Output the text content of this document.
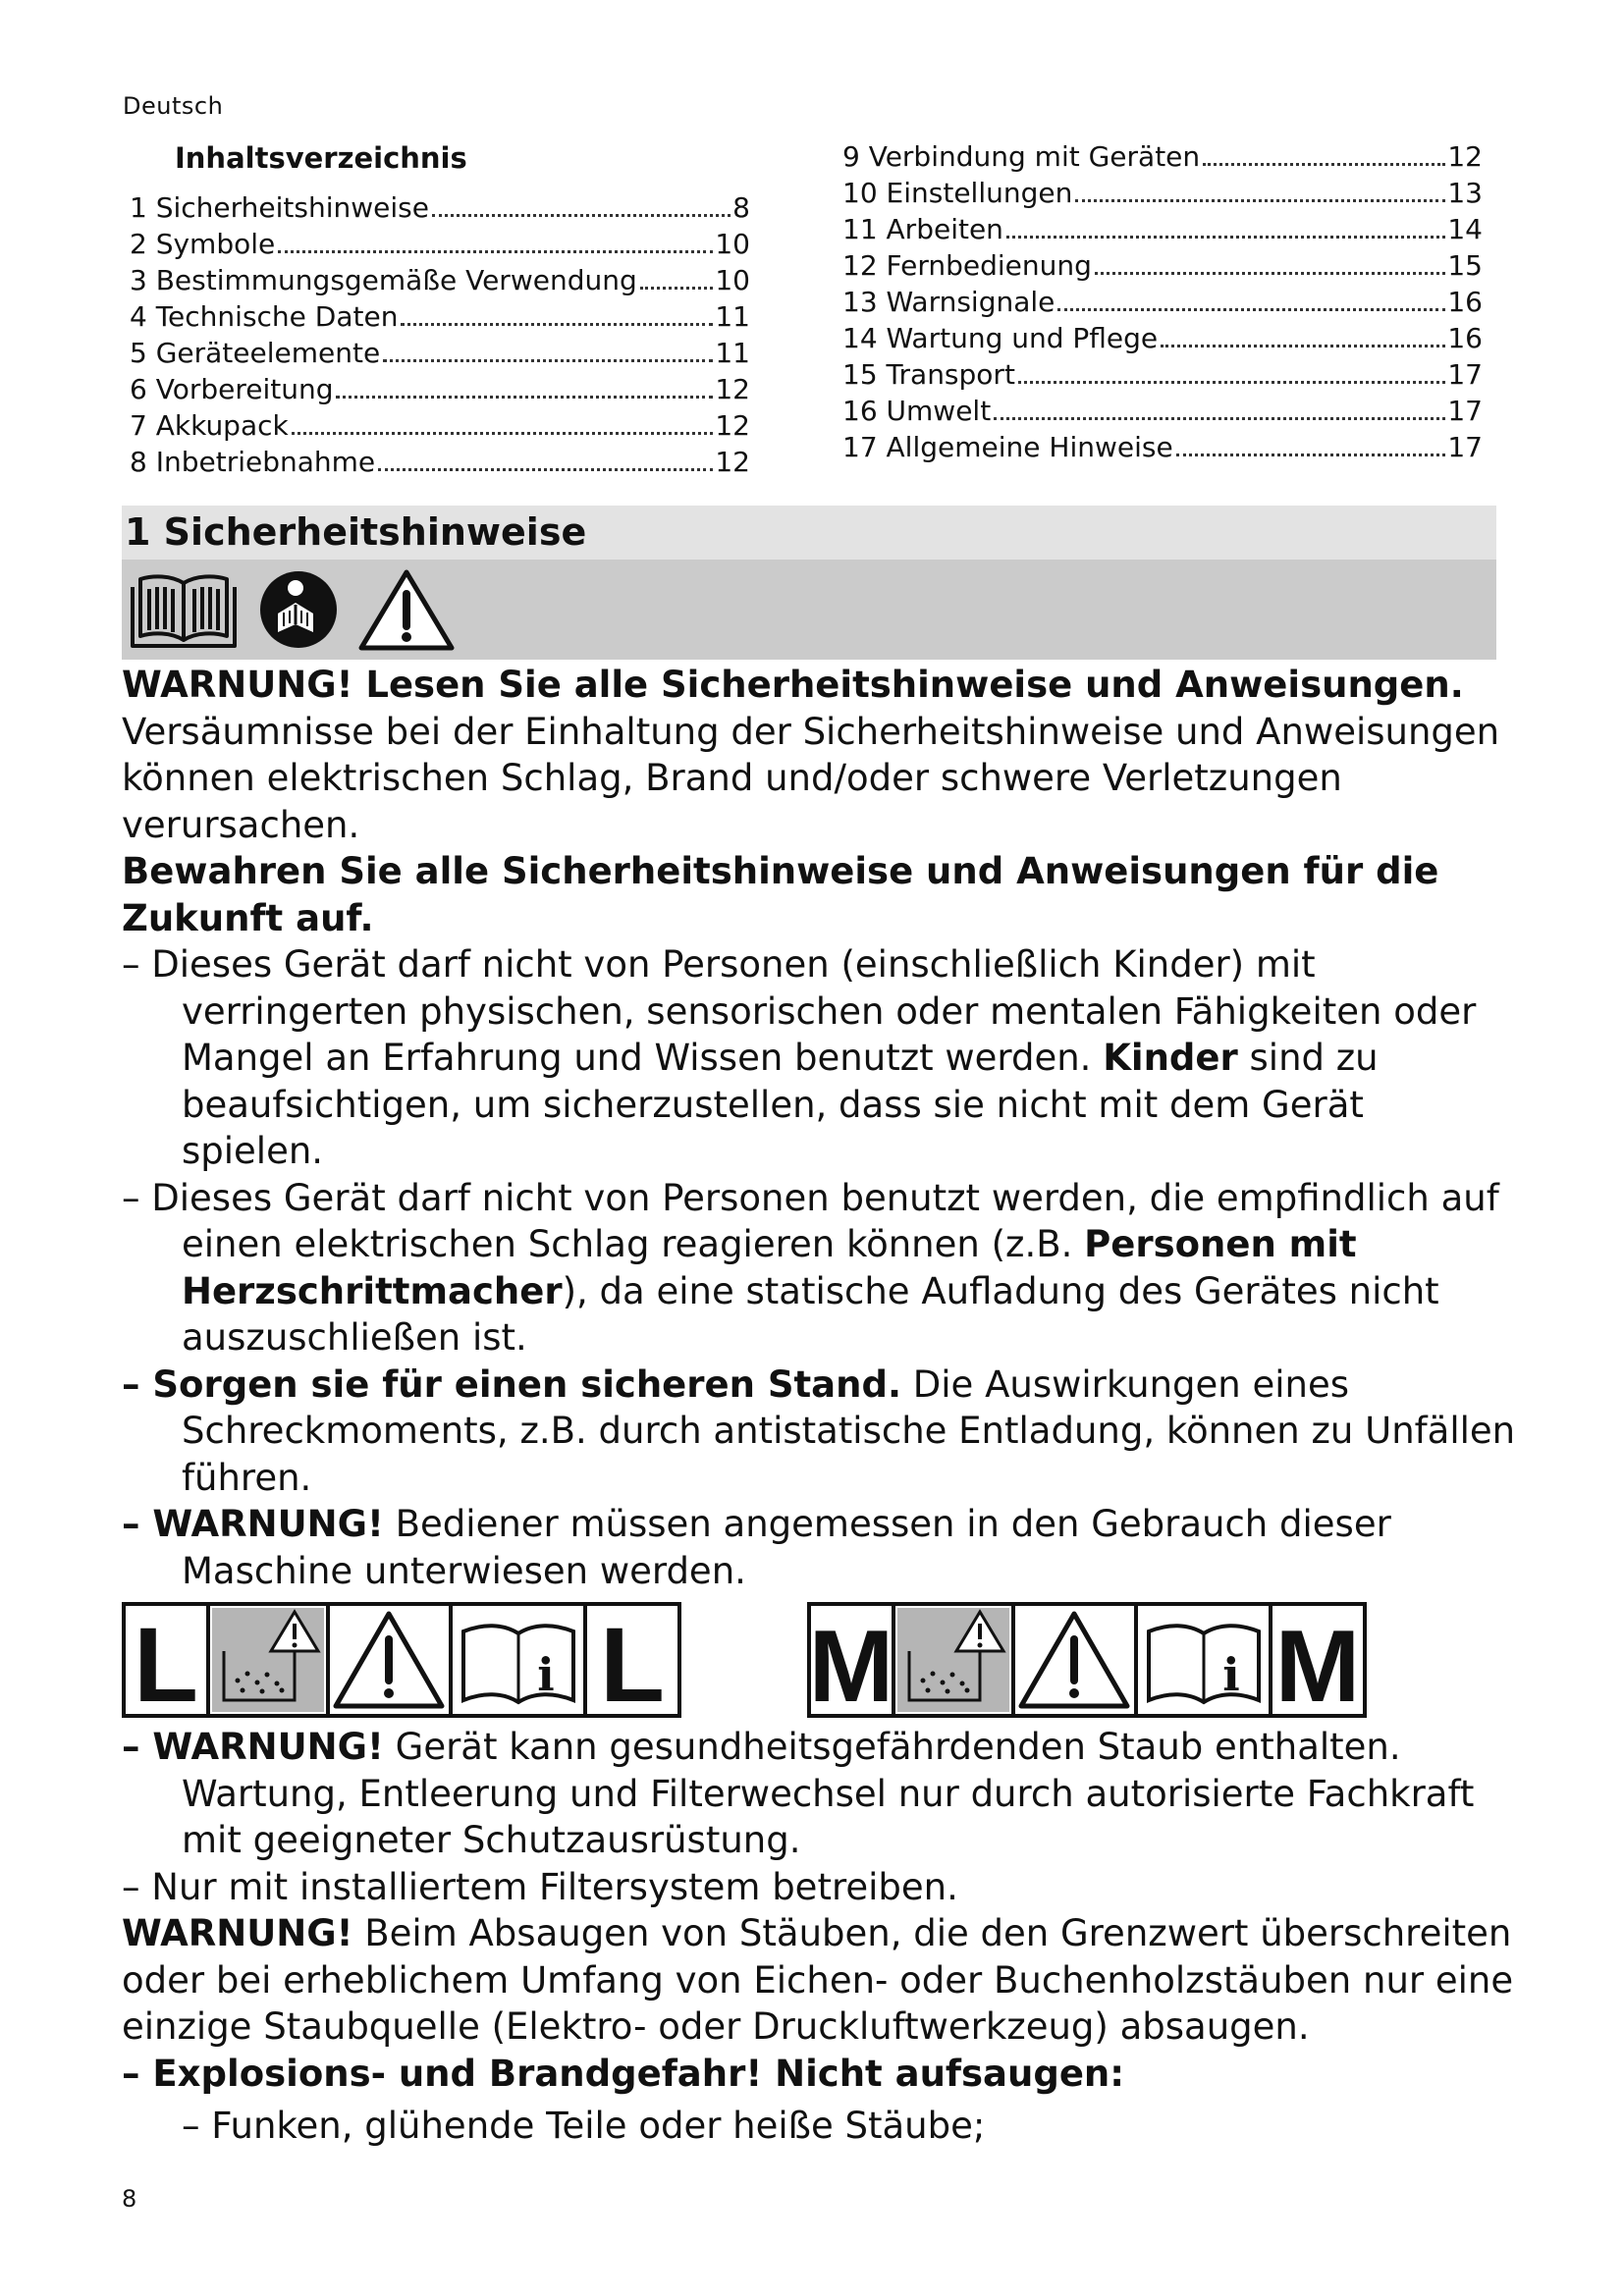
Deutsch
Inhaltsverzeichnis
1 Sicherheitshinweise	8
2 Symbole	10
3 Bestimmungsgemäße Verwendung	10
4 Technische Daten	11
5 Geräteelemente	11
6 Vorbereitung	12
7 Akkupack	12
8 Inbetriebnahme	12
9 Verbindung mit Geräten	12
10 Einstellungen	13
11 Arbeiten	14
12 Fernbedienung	15
13 Warnsignale	16
14 Wartung und Pflege	16
15 Transport	17
16 Umwelt	17
17 Allgemeine Hinweise	17
1 Sicherheitshinweise

WARNUNG! Lesen Sie alle Sicherheitshinweise und Anweisungen. Versäumnisse bei der Einhaltung der Sicherheitshinweise und Anweisungen können elektrischen Schlag, Brand und/oder schwere Verletzungen verursachen.

Bewahren Sie alle Sicherheitshinweise und Anweisungen für die Zukunft auf.

– Dieses Gerät darf nicht von Personen (einschließlich Kinder) mit verringerten physischen, sensorischen oder mentalen Fähigkeiten oder Mangel an Erfahrung und Wissen benutzt werden. Kinder sind zu beaufsichtigen, um sicherzustellen, dass sie nicht mit dem Gerät spielen.

– Dieses Gerät darf nicht von Personen benutzt werden, die empfindlich auf einen elektrischen Schlag reagieren können (z.B. Personen mit Herzschrittmacher), da eine statische Aufladung des Gerätes nicht auszuschließen ist.

– Sorgen sie für einen sicheren Stand. Die Auswirkungen eines Schreckmoments, z.B. durch antistatische Entladung, können zu Unfällen führen.

– WARNUNG! Bediener müssen angemessen in den Gebrauch dieser Maschine unterwiesen werden.

L	i L M	i M

– WARNUNG! Gerät kann gesundheitsgefährdenden Staub enthalten. Wartung, Entleerung und Filterwechsel nur durch autorisierte Fachkraft mit geeigneter Schutzausrüstung.

– Nur mit installiertem Filtersystem betreiben.

WARNUNG! Beim Absaugen von Stäuben, die den Grenzwert überschreiten oder bei erheblichem Umfang von Eichen- oder Buchenholzstäuben nur eine einzige Staubquelle (Elektro- oder Druckluftwerkzeug) absaugen.

– Explosions- und Brandgefahr! Nicht aufsaugen:

– Funken, glühende Teile oder heiße Stäube;

8
